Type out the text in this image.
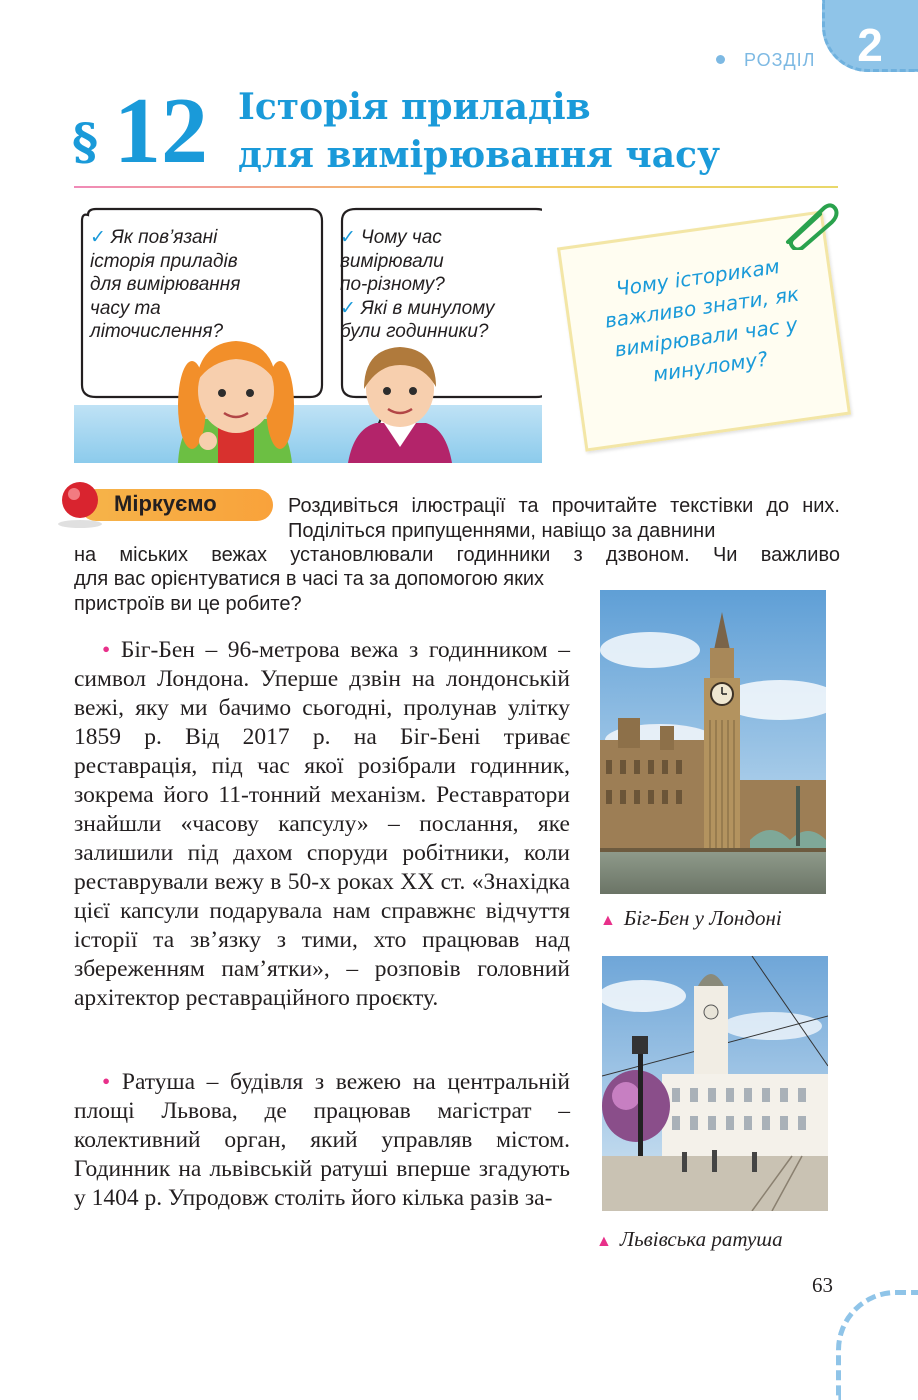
2
РОЗДІЛ
§ 12 Історія приладів
для вимірювання часу
✓ Як пов’язані
історія приладів
для вимірювання
часу та
літочислення?
✓ Чому час
вимірювали
по-різному?
✓ Які в минулому
були годинники?
Чому історикам важливо знати, як вимірювали час у минулому?
Міркуємо	Роздивіться ілюстрації та прочитайте текстівки до них. Поділіться припущеннями, навіщо за давнини
на міських вежах установлювали годинники з дзвоном. Чи важливо
для вас орієнтуватися в часі та за допомогою яких пристроїв ви це робите?
• Біг-Бен – 96-метрова вежа з годинником – символ Лондона. Уперше дзвін на лондонській вежі, яку ми бачимо сьогодні, пролунав улітку 1859 р. Від 2017 р. на Біг-Бені триває реставрація, під час якої розібрали годинник, зокрема його 11-тонний механізм. Реставратори знайшли «часову капсулу» – послання, яке залишили під дахом споруди робітники, коли реставрували вежу в 50-х роках XX ст. «Знахідка цієї капсули подарувала нам справжнє відчуття історії та зв’язку з тими, хто працював над збереженням пам’ятки», – розповів головний архітектор реставраційного проєкту.
• Ратуша – будівля з вежею на центральній площі Львова, де працював магістрат – колективний орган, який управляв містом. Годинник на львівській ратуші вперше згадують у 1404 р. Упродовж століть його кілька разів за-
▲ Біг-Бен у Лондоні
▲ Львівська ратуша
63
